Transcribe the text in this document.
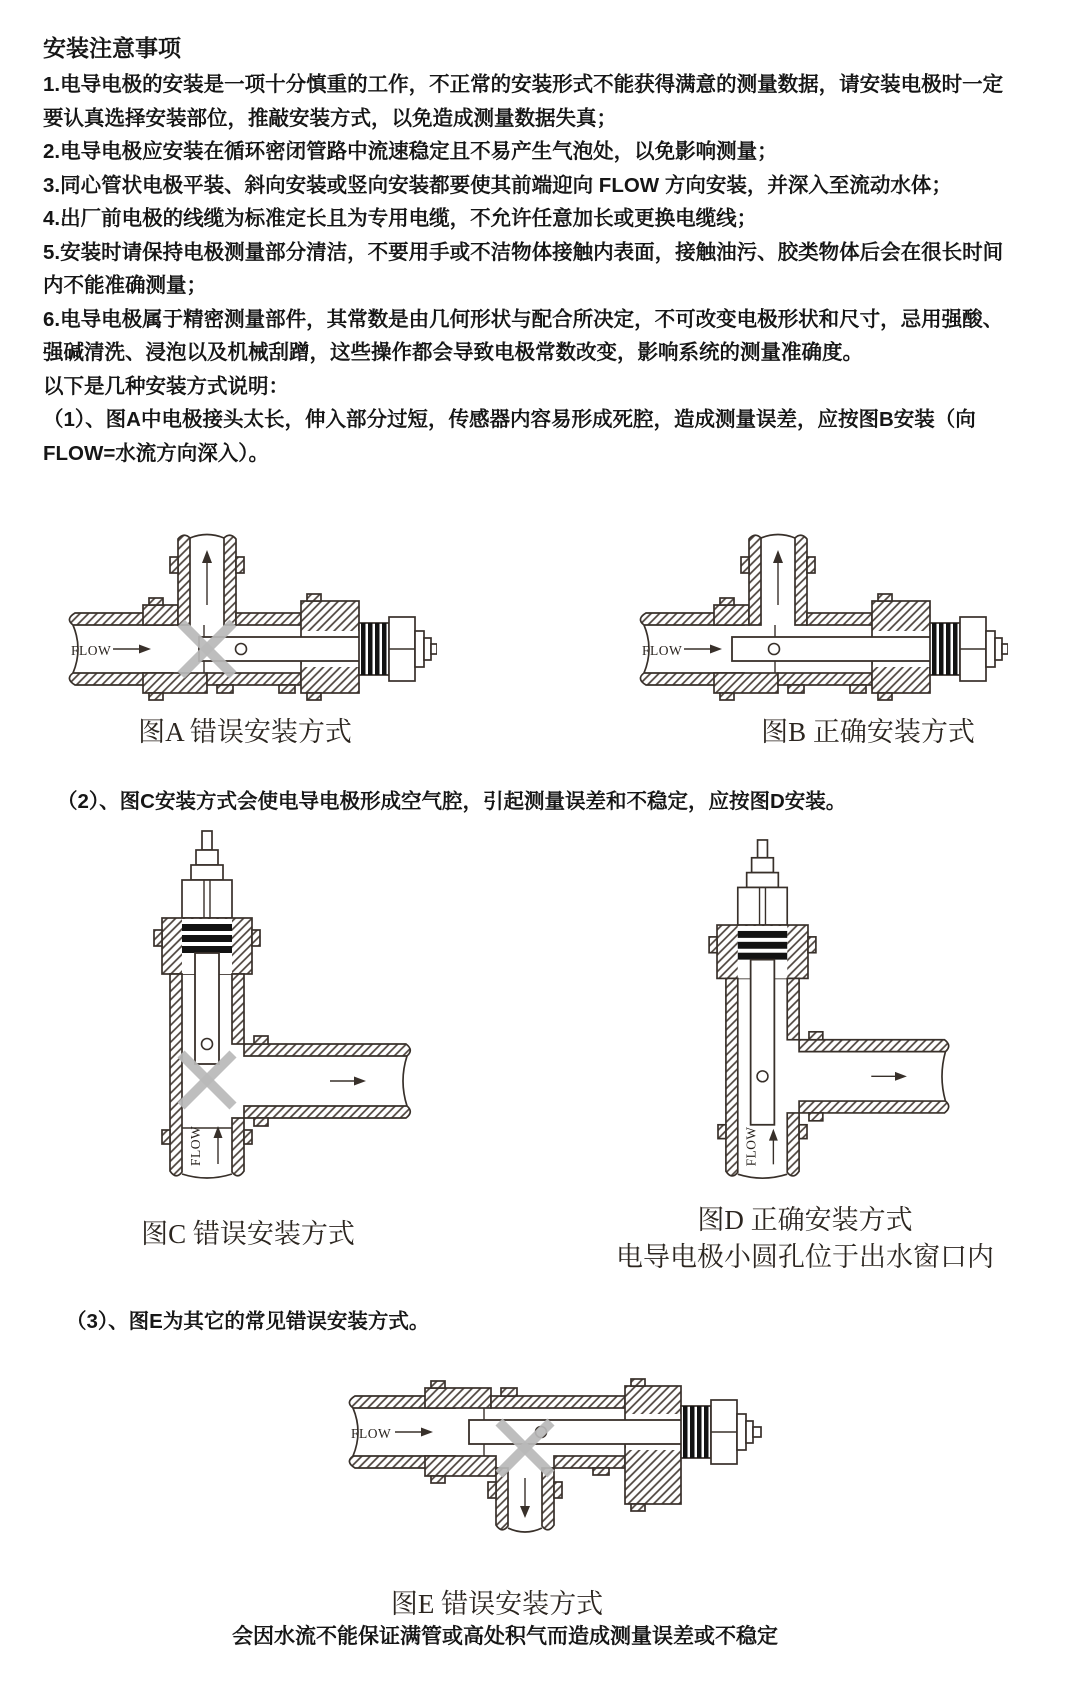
安装注意事项
1.电导电极的安装是一项十分慎重的工作，不正常的安装形式不能获得满意的测量数据，请安装电极时一定
要认真选择安装部位，推敲安装方式，以免造成测量数据失真；
2.电导电极应安装在循环密闭管路中流速稳定且不易产生气泡处，以免影响测量；
3.同心管状电极平装、斜向安装或竖向安装都要使其前端迎向 FLOW 方向安装，并深入至流动水体；
4.出厂前电极的线缆为标准定长且为专用电缆，不允许任意加长或更换电缆线；
5.安装时请保持电极测量部分清洁，不要用手或不洁物体接触内表面，接触油污、胶类物体后会在很长时间
内不能准确测量；
6.电导电极属于精密测量部件，其常数是由几何形状与配合所决定，不可改变电极形状和尺寸，忌用强酸、
强碱清洗、浸泡以及机械刮蹭，这些操作都会导致电极常数改变，影响系统的测量准确度。
以下是几种安装方式说明：
（1）、图A中电极接头太长，伸入部分过短，传感器内容易形成死腔，造成测量误差，应按图B安装（向
FLOW=水流方向深入）。
FLOW
图A 错误安装方式
FLOW
图B 正确安装方式
（2）、图C安装方式会使电导电极形成空气腔，引起测量误差和不稳定，应按图D安装。
FLOW
图C 错误安装方式
FLOW
图D 正确安装方式
电导电极小圆孔位于出水窗口内
（3）、图E为其它的常见错误安装方式。
FLOW
图E 错误安装方式
会因水流不能保证满管或高处积气而造成测量误差或不稳定
